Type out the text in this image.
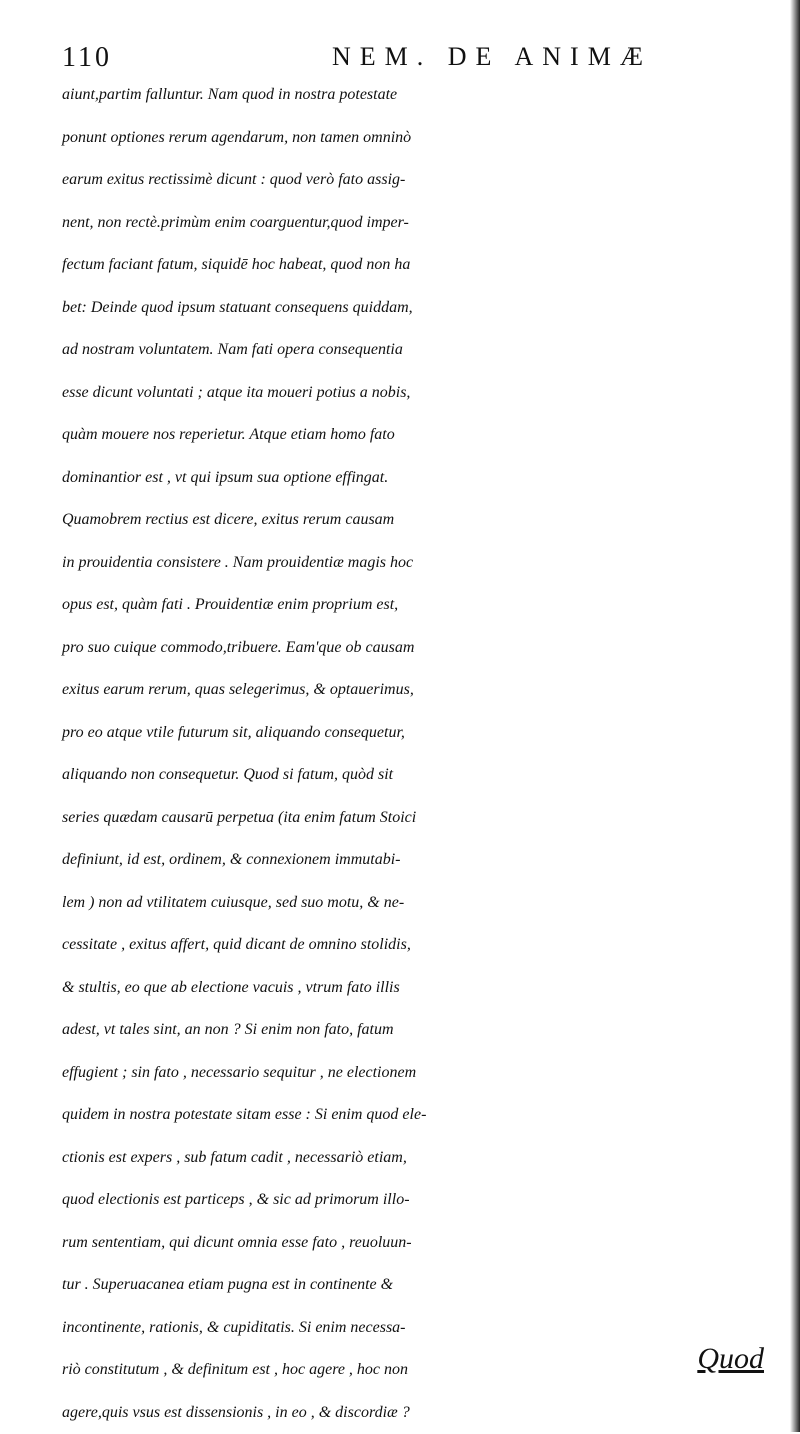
110	NEM. DE ANIMÆ
aiunt,partim falluntur. Nam quod in nostra potestate
ponunt optiones rerum agendarum, non tamen omninò
earum exitus rectissimè dicunt : quod verò fato assig-
nent, non rectè.primùm enim coarguentur,quod imper-
fectum faciant fatum, siquidē hoc habeat, quod non ha
bet: Deinde quod ipsum statuant consequens quiddam,
ad nostram voluntatem. Nam fati opera consequentia
esse dicunt voluntati ; atque ita moueri potius a nobis,
quàm mouere nos reperietur. Atque etiam homo fato
dominantior est , vt qui ipsum sua optione effingat.
Quamobrem rectius est dicere, exitus rerum causam
in prouidentia consistere . Nam prouidentiæ magis hoc
opus est, quàm fati . Prouidentiæ enim proprium est,
pro suo cuique commodo,tribuere. Eam'que ob causam
exitus earum rerum, quas selegerimus, & optauerimus,
pro eo atque vtile futurum sit, aliquando consequetur,
aliquando non consequetur. Quod si fatum, quòd sit
series quædam causarū perpetua (ita enim fatum Stoici
definiunt, id est, ordinem, & connexionem immutabi-
lem ) non ad vtilitatem cuiusque, sed suo motu, & ne-
cessitate , exitus affert, quid dicant de omnino stolidis,
& stultis, eo que ab electione vacuis , vtrum fato illis
adest, vt tales sint, an non ? Si enim non fato, fatum
effugient ; sin fato , necessario sequitur , ne electionem
quidem in nostra potestate sitam esse : Si enim quod ele-
ctionis est expers , sub fatum cadit , necessariò etiam,
quod electionis est particeps , & sic ad primorum illo-
rum sententiam, qui dicunt omnia esse fato , reuoluun-
tur . Superuacanea etiam pugna est in continente &
incontinente, rationis, & cupiditatis. Si enim necessa-
riò constitutum , & definitum est , hoc agere , hoc non
agere,quis vsus est dissensionis , in eo , & discordiæ ?
Quod
